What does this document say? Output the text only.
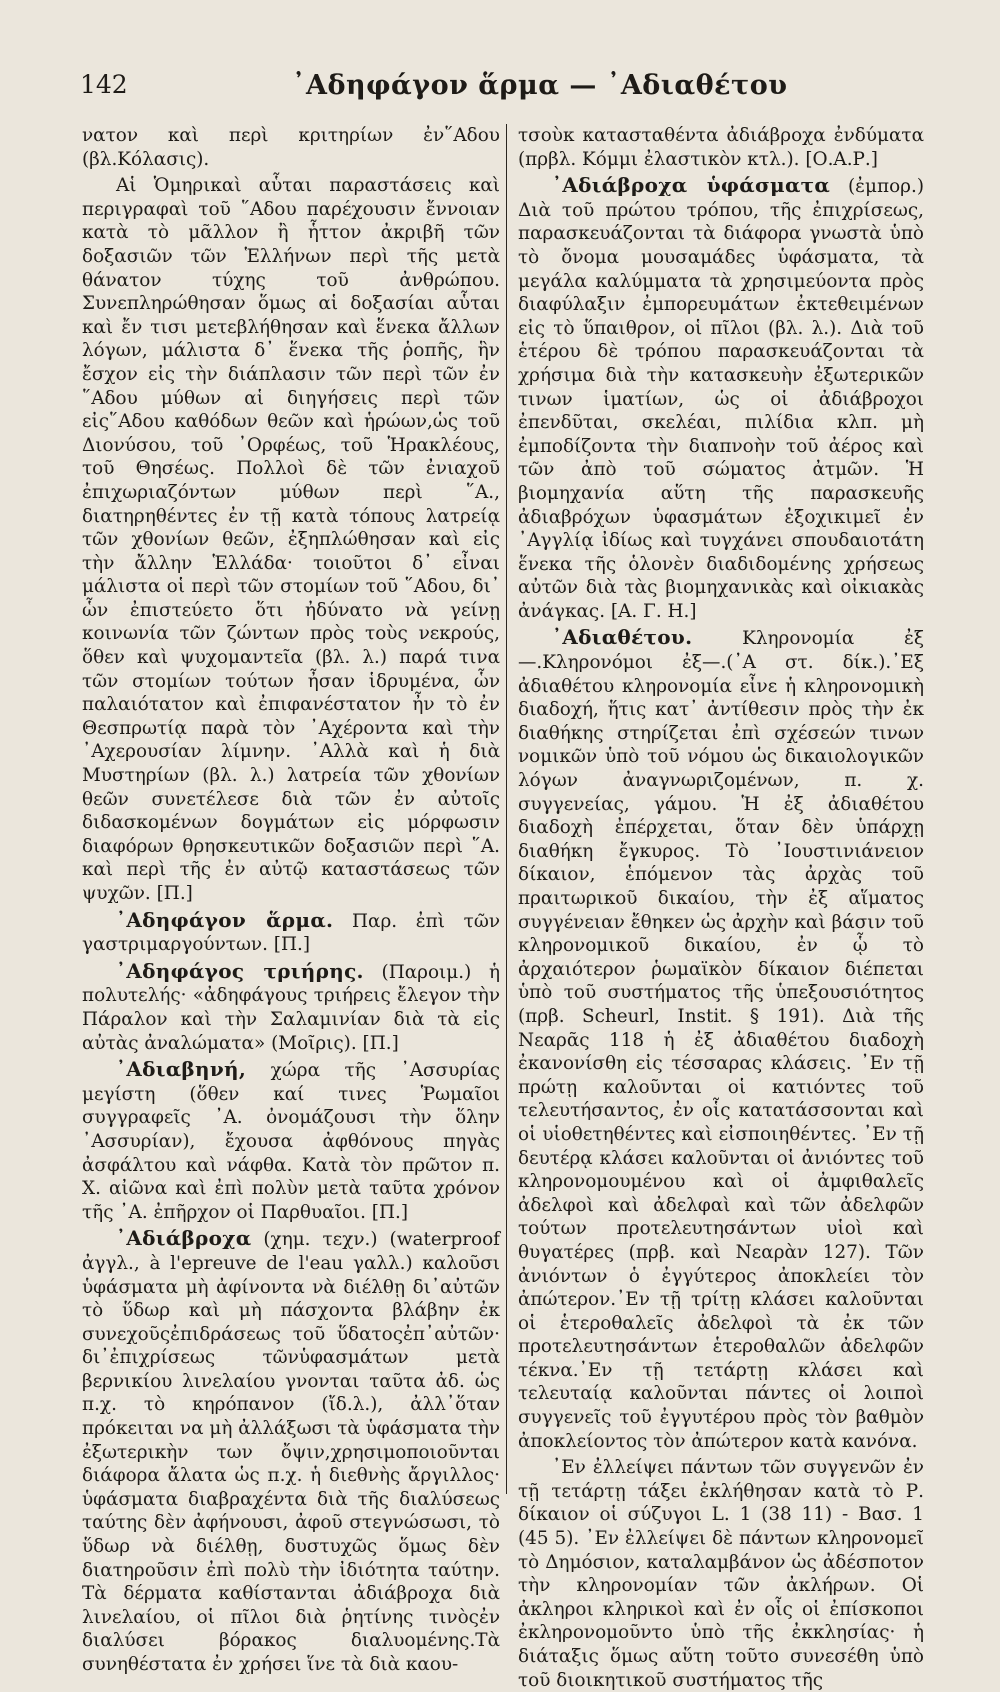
142	᾿Αδηφάγον ἅρμα — ᾿Αδιαθέτου

νατον καὶ περὶ κριτηρίων ἐν῞Αδου (βλ.Κόλασις).

Αἱ Ὁμηρικαὶ αὗται παραστάσεις καὶ περιγραφαὶ τοῦ ῞Αδου παρέχουσιν ἔννοιαν κατὰ τὸ μᾶλλον ἢ ἧττον ἀκριβῆ τῶν δοξασιῶν τῶν Ἑλλήνων περὶ τῆς μετὰ θάνατον τύχης τοῦ ἀνθρώπου. Συνεπληρώθησαν ὅμως αἱ δοξασίαι αὗται καὶ ἔν τισι μετεβλήθησαν καὶ ἕνεκα ἄλλων λόγων, μάλιστα δ᾿ ἕνεκα τῆς ῥοπῆς, ἣν ἔσχον εἰς τὴν διάπλασιν τῶν περὶ τῶν ἐν ῞Αδου μύθων αἱ διηγήσεις περὶ τῶν εἰς῞Αδου καθόδων θεῶν καὶ ἡρώων,ὡς τοῦ Διονύσου, τοῦ ᾿Ορφέως, τοῦ Ἡρακλέους, τοῦ Θησέως. Πολλοὶ δὲ τῶν ἐνιαχοῦ ἐπιχωριαζόντων μύθων περὶ ῞Α., διατηρηθέντες ἐν τῇ κατὰ τόπους λατρείᾳ τῶν χθονίων θεῶν, ἐξηπλώθησαν καὶ εἰς τὴν ἄλλην Ἑλλάδα· τοιοῦτοι δ᾿ εἶναι μάλιστα οἱ περὶ τῶν στομίων τοῦ ῞Αδου, δι᾿ ὧν ἐπιστεύετο ὅτι ἠδύνατο νὰ γείνῃ κοινωνία τῶν ζώντων πρὸς τοὺς νεκρούς, ὅθεν καὶ ψυχομαντεῖα (βλ. λ.) παρά τινα τῶν στομίων τούτων ἦσαν ἱδρυμένα, ὧν παλαιότατον καὶ ἐπιφανέστατον ἦν τὸ ἐν Θεσπρωτίᾳ παρὰ τὸν ᾿Αχέροντα καὶ τὴν ᾿Αχερουσίαν λίμνην. ᾿Αλλὰ καὶ ἡ διὰ Μυστηρίων (βλ. λ.) λατρεία τῶν χθονίων θεῶν συνετέλεσε διὰ τῶν ἐν αὐτοῖς διδασκομένων δογμάτων εἰς μόρφωσιν διαφόρων θρησκευτικῶν δοξασιῶν περὶ ῞Α. καὶ περὶ τῆς ἐν αὐτῷ καταστάσεως τῶν ψυχῶν. [Π.]

᾿Αδηφάγον ἅρμα. Παρ. ἐπὶ τῶν γαστριμαργούντων. [Π.]

᾿Αδηφάγος τριήρης. (Παροιμ.) ἡ πολυτελής· «ἀδηφάγους τριήρεις ἔλεγον τὴν Πάραλον καὶ τὴν Σαλαμινίαν διὰ τὰ εἰς αὐτὰς ἀναλώματα» (Μοῖρις). [Π.]

᾿Αδιαβηνή, χώρα τῆς ᾿Ασσυρίας μεγίστη (ὅθεν καί τινες Ῥωμαῖοι συγγραφεῖς ᾿Α. ὀνομάζουσι τὴν ὅλην ᾿Ασσυρίαν), ἔχουσα ἀφθόνους πηγὰς ἀσφάλτου καὶ νάφθα. Κατὰ τὸν πρῶτον π. Χ. αἰῶνα καὶ ἐπὶ πολὺν μετὰ ταῦτα χρόνον τῆς ᾿Α. ἐπῆρχον οἱ Παρθυαῖοι. [Π.]

᾿Αδιάβροχα (χημ. τεχν.) (waterproof ἀγγλ., à l'epreuve de l'eau γαλλ.) καλοῦσι ὑφάσματα μὴ ἀφίνοντα νὰ διέλθῃ δι᾿αὐτῶν τὸ ὕδωρ καὶ μὴ πάσχοντα βλάβην ἐκ συνεχοῦςἐπιδράσεως τοῦ ὕδατοςἐπ᾿αὐτῶν· δι᾿ἐπιχρίσεως τῶνὑφασμάτων μετὰ βερνικίου λινελαίου γνονται ταῦτα ἀδ. ὡς π.χ. τὸ κηρόπανον (ἴδ.λ.), ἀλλ᾿ὅταν πρόκειται να μὴ ἀλλάξωσι τὰ ὑφάσματα τὴν ἐξωτερικὴν των ὄψιν,χρησιμοποιοῦνται διάφορα ἄλατα ὡς π.χ. ἡ διεθνὴς ἄργιλλος· ὑφάσματα διαβραχέντα διὰ τῆς διαλύσεως ταύτης δὲν ἀφήνουσι, ἀφοῦ στεγνώσωσι, τὸ ὕδωρ νὰ διέλθῃ, δυστυχῶς ὅμως δὲν διατηροῦσιν ἐπὶ πολὺ τὴν ἰδιότητα ταύτην. Τὰ δέρματα καθίστανται ἀδιάβροχα διὰ λινελαίου, οἱ πῖλοι διὰ ῥητίνης τινὸςἐν διαλύσει βόρακος διαλυομένης.Τὰ συνηθέστατα ἐν χρήσει ἵνε τὰ διὰ καου-

τσοὺκ κατασταθέντα ἀδιάβροχα ἐνδύματα (πρβλ. Κόμμι ἐλαστικὸν κτλ.). [Ο.Α.Ρ.]

᾿Αδιάβροχα ὑφάσματα (ἐμπορ.) Διὰ τοῦ πρώτου τρόπου, τῆς ἐπιχρίσεως, παρασκευάζονται τὰ διάφορα γνωστὰ ὑπὸ τὸ ὄνομα μουσαμάδες ὑφάσματα, τὰ μεγάλα καλύμματα τὰ χρησιμεύοντα πρὸς διαφύλαξιν ἐμπορευμάτων ἐκτεθειμένων εἰς τὸ ὕπαιθρον, οἱ πῖλοι (βλ. λ.). Διὰ τοῦ ἑτέρου δὲ τρόπου παρασκευάζονται τὰ χρήσιμα διὰ τὴν κατασκευὴν ἐξωτερικῶν τινων ἱματίων, ὡς οἱ ἀδιάβροχοι ἐπενδῦται, σκελέαι, πιλίδια κλπ. μὴ ἐμποδίζοντα τὴν διαπνοὴν τοῦ ἀέρος καὶ τῶν ἀπὸ τοῦ σώματος ἀτμῶν. Ἡ βιομηχανία αὕτη τῆς παρασκευῆς ἀδιαβρόχων ὑφασμάτων ἐξοχικιμεῖ ἐν ᾿Αγγλίᾳ ἰδίως καὶ τυγχάνει σπουδαιοτάτη ἕνεκα τῆς ὁλονὲν διαδιδομένης χρήσεως αὐτῶν διὰ τὰς βιομηχανικὰς καὶ οἰκιακὰς ἀνάγκας. [Α. Γ. Η.]

᾿Αδιαθέτου. Κληρονομία ἐξ—.Κληρονόμοι ἐξ—.(᾿Α στ. δίκ.).᾿Εξ ἀδιαθέτου κληρονομία εἶνε ἡ κληρονομικὴ διαδοχή, ἥτις κατ᾿ ἀντίθεσιν πρὸς τὴν ἐκ διαθήκης στηρίζεται ἐπὶ σχέσεών τινων νομικῶν ὑπὸ τοῦ νόμου ὡς δικαιολογικῶν λόγων ἀναγνωριζομένων, π. χ. συγγενείας, γάμου. Ἡ ἐξ ἀδιαθέτου διαδοχὴ ἐπέρχεται, ὅταν δὲν ὑπάρχῃ διαθήκη ἔγκυρος. Τὸ ᾿Ιουστινιάνειον δίκαιον, ἑπόμενον τὰς ἀρχὰς τοῦ πραιτωρικοῦ δικαίου, τὴν ἐξ αἵματος συγγένειαν ἔθηκεν ὡς ἀρχὴν καὶ βάσιν τοῦ κληρονομικοῦ δικαίου, ἐν ᾧ τὸ ἀρχαιότερον ῥωμαϊκὸν δίκαιον διέπεται ὑπὸ τοῦ συστήματος τῆς ὑπεξουσιότητος (πρβ. Scheurl, Instit. § 191). Διὰ τῆς Νεαρᾶς 118 ἡ ἐξ ἀδιαθέτου διαδοχὴ ἐκανονίσθη εἰς τέσσαρας κλάσεις. ᾿Εν τῇ πρώτῃ καλοῦνται οἱ κατιόντες τοῦ τελευτήσαντος, ἐν οἷς κατατάσσονται καὶ οἱ υἱοθετηθέντες καὶ εἰσποιηθέντες. ᾿Εν τῇ δευτέρᾳ κλάσει καλοῦνται οἱ ἀνιόντες τοῦ κληρονομουμένου καὶ οἱ ἀμφιθαλεῖς ἀδελφοὶ καὶ ἀδελφαὶ καὶ τῶν ἀδελφῶν τούτων προτελευτησάντων υἱοὶ καὶ θυγατέρες (πρβ. καὶ Νεαρὰν 127). Τῶν ἀνιόντων ὁ ἐγγύτερος ἀποκλείει τὸν ἀπώτερον.᾿Εν τῇ τρίτῃ κλάσει καλοῦνται οἱ ἑτεροθαλεῖς ἀδελφοὶ τὰ ἐκ τῶν προτελευτησάντων ἑτεροθαλῶν ἀδελφῶν τέκνα.᾿Εν τῇ τετάρτῃ κλάσει καὶ τελευταίᾳ καλοῦνται πάντες οἱ λοιποὶ συγγενεῖς τοῦ ἐγγυτέρου πρὸς τὸν βαθμὸν ἀποκλείοντος τὸν ἀπώτερον κατὰ κανόνα.

᾿Εν ἐλλείψει πάντων τῶν συγγενῶν ἐν τῇ τετάρτῃ τάξει ἐκλήθησαν κατὰ τὸ Ρ. δίκαιον οἱ σύζυγοι L. 1 (38 11) - Βασ. 1 (45 5). ᾿Εν ἐλλείψει δὲ πάντων κληρονομεῖ τὸ Δημόσιον, καταλαμβάνον ὡς ἀδέσποτον τὴν κληρονομίαν τῶν ἀκλήρων. Οἱ ἀκληροι κληρικοὶ καὶ ἐν οἷς οἱ ἐπίσκοποι ἐκληρονομοῦντο ὑπὸ τῆς ἐκκλησίας· ἡ διάταξις ὅμως αὕτη τοῦτο συνεσέθη ὑπὸ τοῦ διοικητικοῦ συστήματος τῆς
